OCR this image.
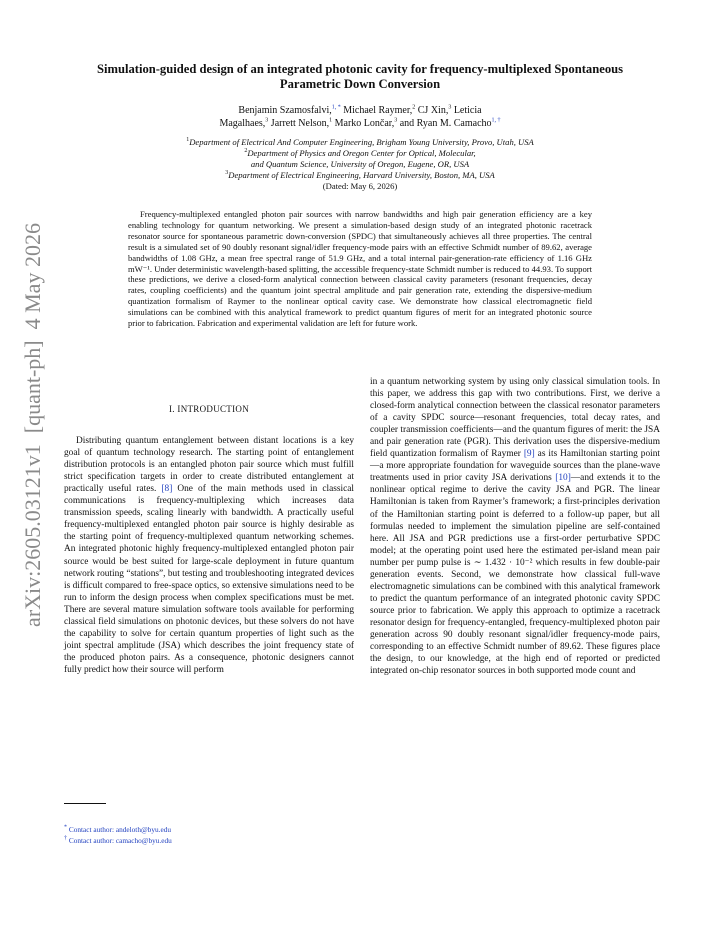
arXiv:2605.03121v1  [quant-ph]  4 May 2026
Simulation-guided design of an integrated photonic cavity for frequency-multiplexed Spontaneous Parametric Down Conversion
Benjamin Szamosfalvi,$^{1, *}$ Michael Raymer,$^2$ CJ Xin,$^3$ Leticia
Magalhaes,$^3$ Jarrett Nelson,$^1$ Marko Lončar,$^3$ and Ryan M. Camacho$^{1, \dagger}$
$^1$Department of Electrical And Computer Engineering, Brigham Young University, Provo, Utah, USA
$^2$Department of Physics and Oregon Center for Optical, Molecular,
and Quantum Science, University of Oregon, Eugene, OR, USA
$^3$Department of Electrical Engineering, Harvard University, Boston, MA, USA
(Dated: May 6, 2026)
Frequency-multiplexed entangled photon pair sources with narrow bandwidths and high pair generation efficiency are a key enabling technology for quantum networking. We present a simulation-based design study of an integrated photonic racetrack resonator source for spontaneous parametric down-conversion (SPDC) that simultaneously achieves all three properties. The central result is a simulated set of 90 doubly resonant signal/idler frequency-mode pairs with an effective Schmidt number of 89.62, average bandwidths of 1.08 GHz, a mean free spectral range of 51.9 GHz, and a total internal pair-generation-rate efficiency of 1.16 GHz mW⁻¹. Under deterministic wavelength-based splitting, the accessible frequency-state Schmidt number is reduced to 44.93. To support these predictions, we derive a closed-form analytical connection between classical cavity parameters (resonant frequencies, decay rates, coupling coefficients) and the quantum joint spectral amplitude and pair generation rate, extending the dispersive-medium quantization formalism of Raymer to the nonlinear optical cavity case. We demonstrate how classical electromagnetic field simulations can be combined with this analytical framework to predict quantum figures of merit for an integrated photonic source prior to fabrication. Fabrication and experimental validation are left for future work.
I. INTRODUCTION

Distributing quantum entanglement between distant locations is a key goal of quantum technology research. The starting point of entanglement distribution protocols is an entangled photon pair source which must fulfill strict specification targets in order to create distributed entanglement at practically useful rates. [8] One of the main methods used in classical communications is frequency-multiplexing which increases data transmission speeds, scaling linearly with bandwidth. A practically useful frequency-multiplexed entangled photon pair source is highly desirable as the starting point of frequency-multiplexed quantum networking schemes. An integrated photonic highly frequency-multiplexed entangled photon pair source would be best suited for large-scale deployment in future quantum network routing “stations”, but testing and troubleshooting integrated devices is difficult compared to free-space optics, so extensive simulations need to be run to inform the design process when complex specifications must be met. There are several mature simulation software tools available for performing classical field simulations on photonic devices, but these solvers do not have the capability to solve for certain quantum properties of light such as the joint spectral amplitude (JSA) which describes the joint frequency state of the produced photon pairs. As a consequence, photonic designers cannot fully predict how their source will perform

in a quantum networking system by using only classical simulation tools. In this paper, we address this gap with two contributions. First, we derive a closed-form analytical connection between the classical resonator parameters of a cavity SPDC source—resonant frequencies, total decay rates, and coupler transmission coefficients—and the quantum figures of merit: the JSA and pair generation rate (PGR). This derivation uses the dispersive-medium field quantization formalism of Raymer [9] as its Hamiltonian starting point—a more appropriate foundation for waveguide sources than the plane-wave treatments used in prior cavity JSA derivations [10]—and extends it to the nonlinear optical regime to derive the cavity JSA and PGR. The linear Hamiltonian is taken from Raymer’s framework; a first-principles derivation of the Hamiltonian starting point is deferred to a follow-up paper, but all formulas needed to implement the simulation pipeline are self-contained here. All JSA and PGR predictions use a first-order perturbative SPDC model; at the operating point used here the estimated per-island mean pair number per pump pulse is ∼ 1.432 · 10⁻² which results in few double-pair generation events. Second, we demonstrate how classical full-wave electromagnetic simulations can be combined with this analytical framework to predict the quantum performance of an integrated photonic cavity SPDC source prior to fabrication. We apply this approach to optimize a racetrack resonator design for frequency-entangled, frequency-multiplexed photon pair generation across 90 doubly resonant signal/idler frequency-mode pairs, corresponding to an effective Schmidt number of 89.62. These figures place the design, to our knowledge, at the high end of reported or predicted integrated on-chip resonator sources in both supported mode count and

* Contact author: andeloth@byu.edu
† Contact author: camacho@byu.edu
